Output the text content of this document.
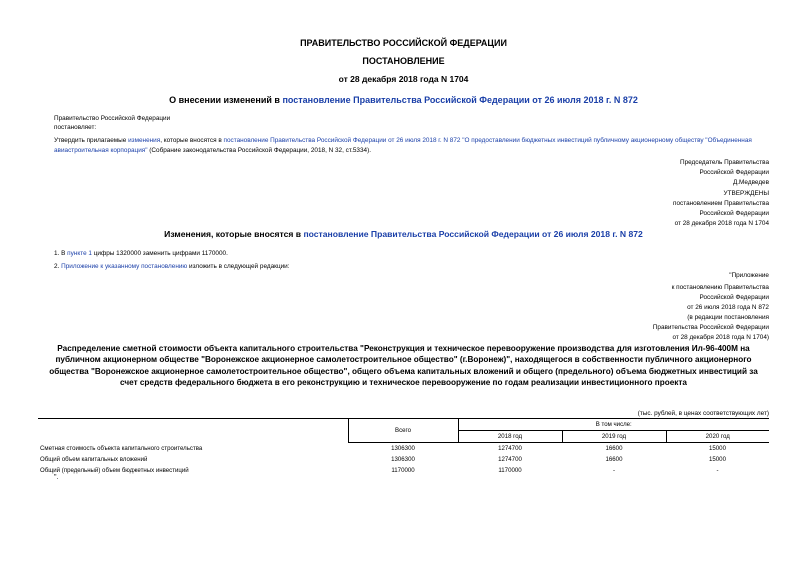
ПРАВИТЕЛЬСТВО РОССИЙСКОЙ ФЕДЕРАЦИИ
ПОСТАНОВЛЕНИЕ
от 28 декабря 2018 года N 1704
О внесении изменений в постановление Правительства Российской Федерации от 26 июля 2018 г. N 872
Правительство Российской Федерации
постановляет:
Утвердить прилагаемые изменения, которые вносятся в постановление Правительства Российской Федерации от 26 июля 2018 г. N 872 "О предоставлении бюджетных инвестиций публичному акционерному обществу "Объединенная авиастроительная корпорация" (Собрание законодательства Российской Федерации, 2018, N 32, ст.5334).
Председатель Правительства
Российской Федерации
Д.Медведев
УТВЕРЖДЕНЫ
постановлением Правительства
Российской Федерации
от 28 декабря 2018 года N 1704
Изменения, которые вносятся в постановление Правительства Российской Федерации от 26 июля 2018 г. N 872
1. В пункте 1 цифры 1320000 заменить цифрами 1170000.
2. Приложение к указанному постановлению изложить в следующей редакции:
"Приложение
к постановлению Правительства
Российской Федерации
от 26 июля 2018 года N 872
(в редакции постановления
Правительства Российской Федерации
от 28 декабря 2018 года N 1704)
Распределение сметной стоимости объекта капитального строительства "Реконструкция и техническое перевооружение производства для изготовления Ил-96-400М на публичном акционерном обществе "Воронежское акционерное самолетостроительное общество" (г.Воронеж)", находящегося в собственности публичного акционерного общества "Воронежское акционерное самолетостроительное общество", общего объема капитальных вложений и общего (предельного) объема бюджетных инвестиций за счет средств федерального бюджета в его реконструкцию и техническое перевооружение по годам реализации инвестиционного проекта
(тыс. рублей, в ценах соответствующих лет)
	Всего	В том числе:		
		2018 год	2019 год	2020 год
Сметная стоимость объекта капитального строительства	1306300	1274700	16600	15000
Общий объем капитальных вложений	1306300	1274700	16600	15000
Общий (предельный) объем бюджетных инвестиций	1170000	1170000	-	-
".
